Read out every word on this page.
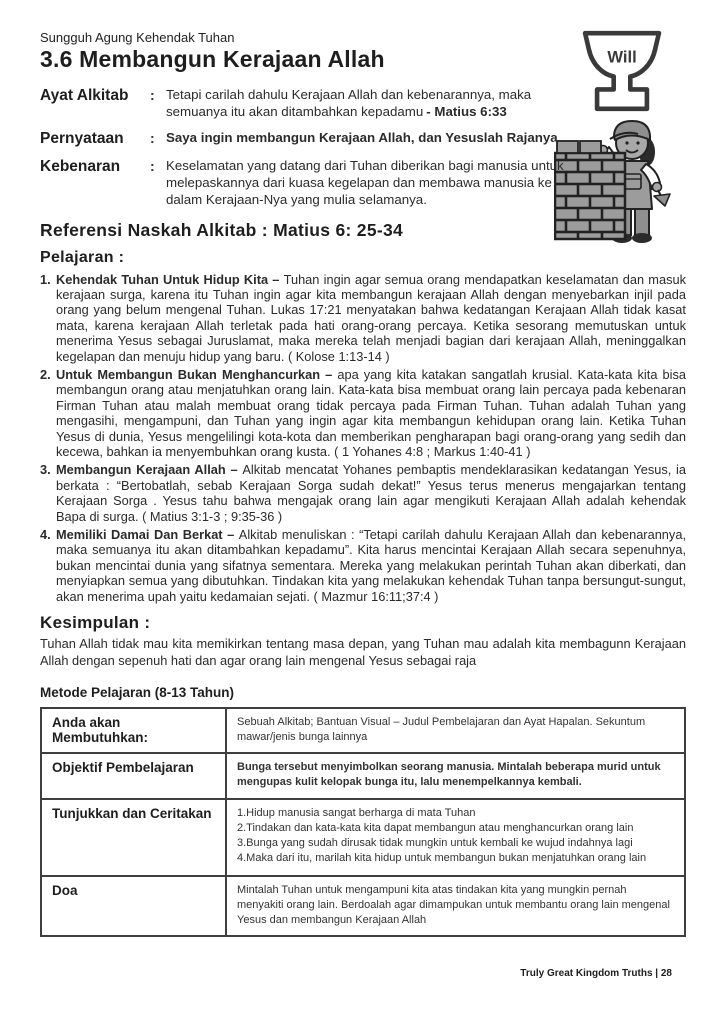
Will
Sungguh Agung Kehendak Tuhan
3.6 Membangun Kerajaan Allah
Ayat Alkitab	: Tetapi carilah dahulu Kerajaan Allah dan kebenarannya, maka semuanya itu akan ditambahkan kepadamu - Matius 6:33
Pernyataan	: Saya ingin membangun Kerajaan Allah, dan Yesuslah Rajanya
Kebenaran	: Keselamatan yang datang dari Tuhan diberikan bagi manusia untuk melepaskannya dari kuasa kegelapan dan membawa manusia ke dalam Kerajaan-Nya yang mulia selamanya.
Referensi Naskah Alkitab : Matius 6: 25-34
Pelajaran :
1. Kehendak Tuhan Untuk Hidup Kita – Tuhan ingin agar semua orang mendapatkan keselamatan dan masuk kerajaan surga, karena itu Tuhan ingin agar kita membangun kerajaan Allah dengan menyebarkan injil pada orang yang belum mengenal Tuhan. Lukas 17:21 menyatakan bahwa kedatangan Kerajaan Allah tidak kasat mata, karena kerajaan Allah terletak pada hati orang-orang percaya. Ketika sesorang memutuskan untuk menerima Yesus sebagai Juruslamat, maka mereka telah menjadi bagian dari kerajaan Allah, meninggalkan kegelapan dan menuju hidup yang baru. ( Kolose 1:13-14 )
2. Untuk Membangun Bukan Menghancurkan – apa yang kita katakan sangatlah krusial. Kata-kata kita bisa membangun orang atau menjatuhkan orang lain. Kata-kata bisa membuat orang lain percaya pada kebenaran Firman Tuhan atau malah membuat orang tidak percaya pada Firman Tuhan. Tuhan adalah Tuhan yang mengasihi, mengampuni, dan Tuhan yang ingin agar kita membangun kehidupan orang lain. Ketika Tuhan Yesus di dunia, Yesus mengelilingi kota-kota dan memberikan pengharapan bagi orang-orang yang sedih dan kecewa, bahkan ia menyembuhkan orang kusta. ( 1 Yohanes 4:8 ; Markus 1:40-41 )
3. Membangun Kerajaan Allah – Alkitab mencatat Yohanes pembaptis mendeklarasikan kedatangan Yesus, ia berkata : “Bertobatlah, sebab Kerajaan Sorga sudah dekat!” Yesus terus menerus mengajarkan tentang Kerajaan Sorga . Yesus tahu bahwa mengajak orang lain agar mengikuti Kerajaan Allah adalah kehendak Bapa di surga. ( Matius 3:1-3 ; 9:35-36 )
4. Memiliki Damai Dan Berkat – Alkitab menuliskan : “Tetapi carilah dahulu Kerajaan Allah dan kebenarannya, maka semuanya itu akan ditambahkan kepadamu”. Kita harus mencintai Kerajaan Allah secara sepenuhnya, bukan mencintai dunia yang sifatnya sementara. Mereka yang melakukan perintah Tuhan akan diberkati, dan menyiapkan semua yang dibutuhkan. Tindakan kita yang melakukan kehendak Tuhan tanpa bersungut-sungut, akan menerima upah yaitu kedamaian sejati. ( Mazmur 16:11;37:4 )
Kesimpulan :
Tuhan Allah tidak mau kita memikirkan tentang masa depan, yang Tuhan mau adalah kita membagunn Kerajaan Allah dengan sepenuh hati dan agar orang lain mengenal Yesus sebagai raja
Metode Pelajaran (8-13 Tahun)
Anda akan Membutuhkan:	Sebuah Alkitab; Bantuan Visual – Judul Pembelajaran dan Ayat Hapalan. Sekuntum mawar/jenis bunga lainnya
Objektif Pembelajaran	Bunga tersebut menyimbolkan seorang manusia. Mintalah beberapa murid untuk mengupas kulit kelopak bunga itu, lalu menempelkannya kembali.
Tunjukkan dan Ceritakan	1.Hidup manusia sangat berharga di mata Tuhan
2.Tindakan dan kata-kata kita dapat membangun atau menghancurkan orang lain
3.Bunga yang sudah dirusak tidak mungkin untuk kembali ke wujud indahnya lagi
4.Maka dari itu, marilah kita hidup untuk membangun bukan menjatuhkan orang lain

Doa	Mintalah Tuhan untuk mengampuni kita atas tindakan kita yang mungkin pernah menyakiti orang lain. Berdoalah agar dimampukan untuk membantu orang lain mengenal Yesus dan membangun Kerajaan Allah
Truly Great Kingdom Truths | 28
